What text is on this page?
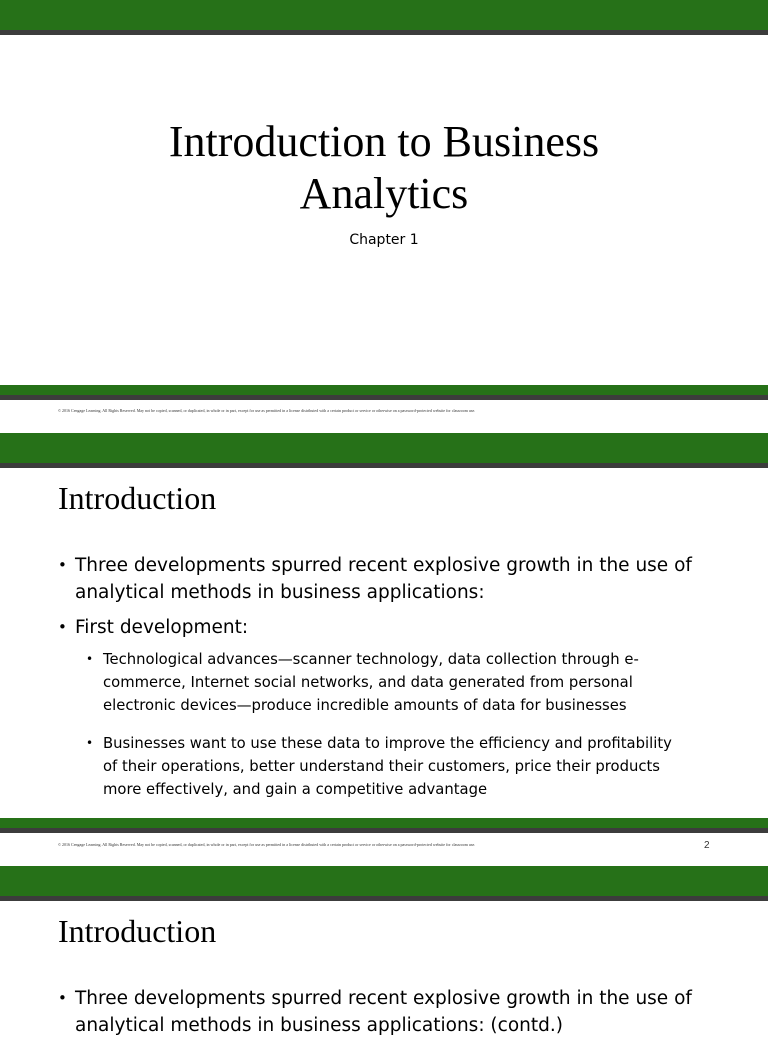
Introduction to Business
Analytics
Chapter 1
© 2016 Cengage Learning. All Rights Reserved. May not be copied, scanned, or duplicated, in whole or in part, except for use as permitted in a license distributed with a certain product or service or otherwise on a password-protected website for classroom use.
Introduction
• Three developments spurred recent explosive growth in the use of
analytical methods in business applications:
• First development:
• Technological advances—scanner technology, data collection through e-
commerce, Internet social networks, and data generated from personal
electronic devices—produce incredible amounts of data for businesses
• Businesses want to use these data to improve the efficiency and profitability
of their operations, better understand their customers, price their products
more effectively, and gain a competitive advantage
© 2016 Cengage Learning. All Rights Reserved. May not be copied, scanned, or duplicated, in whole or in part, except for use as permitted in a license distributed with a certain product or service or otherwise on a password-protected website for classroom use.	2
Introduction
• Three developments spurred recent explosive growth in the use of
analytical methods in business applications: (contd.)
